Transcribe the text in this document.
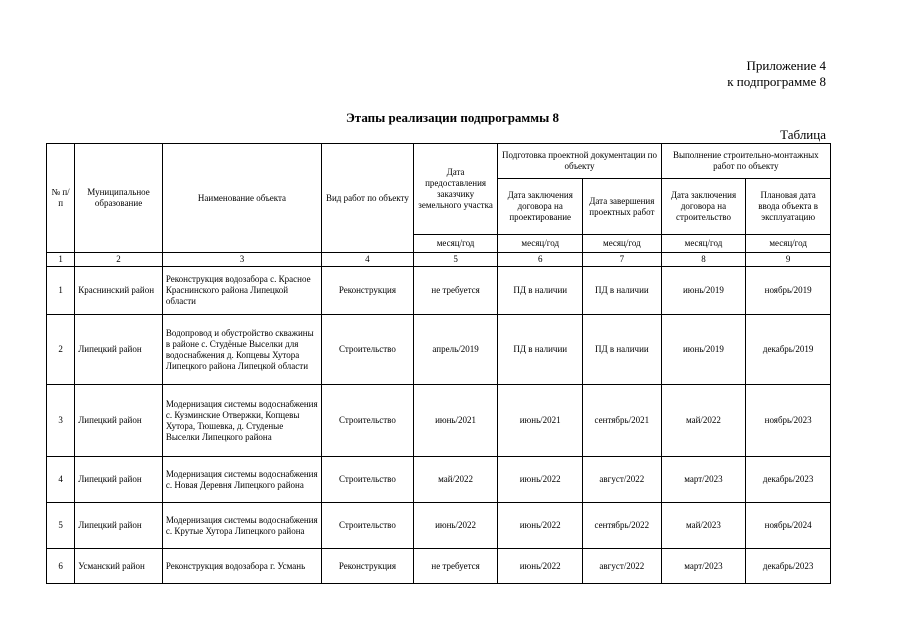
Приложение 4
к подпрограмме 8
Этапы реализации подпрограммы 8
Таблица
№ п/п	Муниципальное образование	Наименование объекта	Вид работ по объекту	Дата предоставления заказчику земельного участка	Подготовка проектной документации по объекту		Выполнение строительно-монтажных работ по объекту	
					Дата заключения договора на проектирование	Дата завершения проектных работ	Дата заключения договора на строительство	Плановая дата ввода объекта в эксплуатацию
				месяц/год	месяц/год	месяц/год	месяц/год	месяц/год
1	2	3	4	5	6	7	8	9
1	Краснинский район	Реконструкция водозабора с. Красное Краснинского района Липецкой области	Реконструкция	не требуется	ПД в наличии	ПД в наличии	июнь/2019	ноябрь/2019
2	Липецкий район	Водопровод и обустройство скважины в районе с. Студёные Выселки для водоснабжения д. Копцевы Хутора Липецкого района Липецкой области	Строительство	апрель/2019	ПД в наличии	ПД в наличии	июнь/2019	декабрь/2019
3	Липецкий район	Модернизация системы водоснабжения с. Кузминские Отвержки, Копцевы Хутора, Тюшевка, д. Студеные Выселки Липецкого района	Строительство	июнь/2021	июнь/2021	сентябрь/2021	май/2022	ноябрь/2023
4	Липецкий район	Модернизация системы водоснабжения с. Новая Деревня Липецкого района	Строительство	май/2022	июнь/2022	август/2022	март/2023	декабрь/2023
5	Липецкий район	Модернизация системы водоснабжения с. Крутые Хутора Липецкого района	Строительство	июнь/2022	июнь/2022	сентябрь/2022	май/2023	ноябрь/2024
6	Усманский район	Реконструкция водозабора г. Усмань	Реконструкция	не требуется	июнь/2022	август/2022	март/2023	декабрь/2023
